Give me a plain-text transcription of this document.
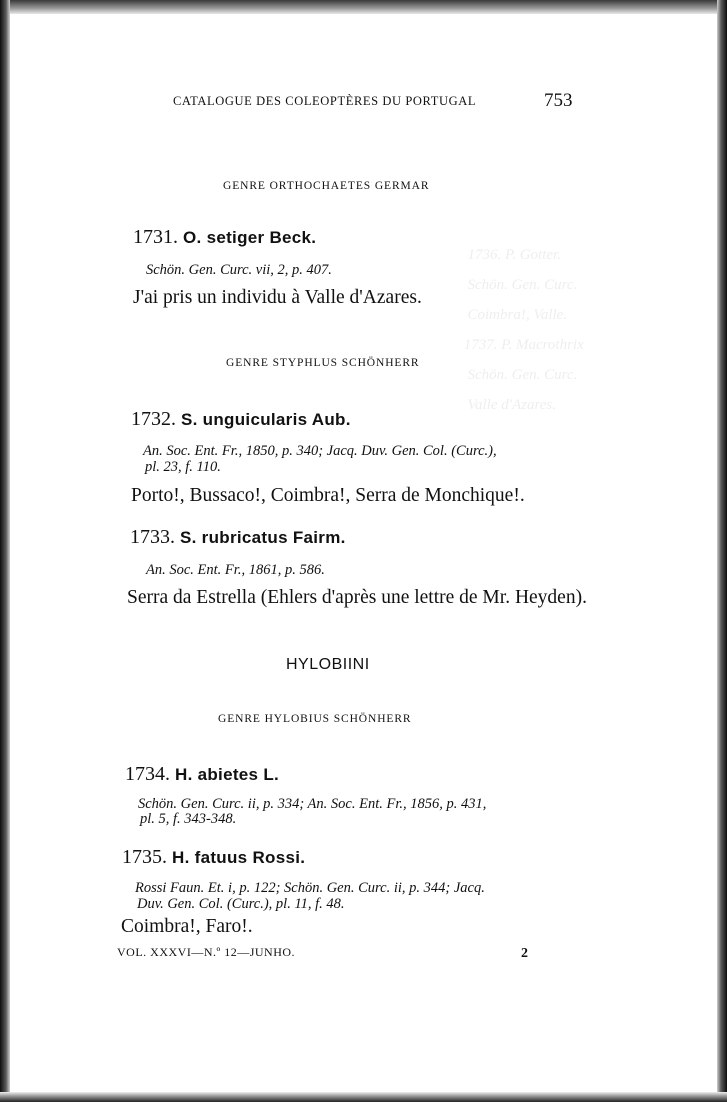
1736. P. Gotter.
Schön. Gen. Curc.
Coimbra!, Valle.
1737. P. Macrothrix
Schön. Gen. Curc.
Valle d'Azares.
CATALOGUE DES COLEOPTÈRES DU PORTUGAL	753
GENRE ORTHOCHAETES GERMAR
1731. O. setiger Beck.
Schön. Gen. Curc. vii, 2, p. 407.
J'ai pris un individu à Valle d'Azares.
GENRE STYPHLUS SCHÖNHERR
1732. S. unguicularis Aub.
An. Soc. Ent. Fr., 1850, p. 340; Jacq. Duv. Gen. Col. (Curc.),
pl. 23, f. 110.
Porto!, Bussaco!, Coimbra!, Serra de Monchique!.
1733. S. rubricatus Fairm.
An. Soc. Ent. Fr., 1861, p. 586.
Serra da Estrella (Ehlers d'après une lettre de Mr. Heyden).
HYLOBIINI
GENRE HYLOBIUS SCHÖNHERR
1734. H. abietes L.
Schön. Gen. Curc. ii, p. 334; An. Soc. Ent. Fr., 1856, p. 431,
pl. 5, f. 343-348.
1735. H. fatuus Rossi.
Rossi Faun. Et. i, p. 122; Schön. Gen. Curc. ii, p. 344; Jacq.
Duv. Gen. Col. (Curc.), pl. 11, f. 48.
Coimbra!, Faro!.
VOL. XXXVI—N.º 12—JUNHO.	2
